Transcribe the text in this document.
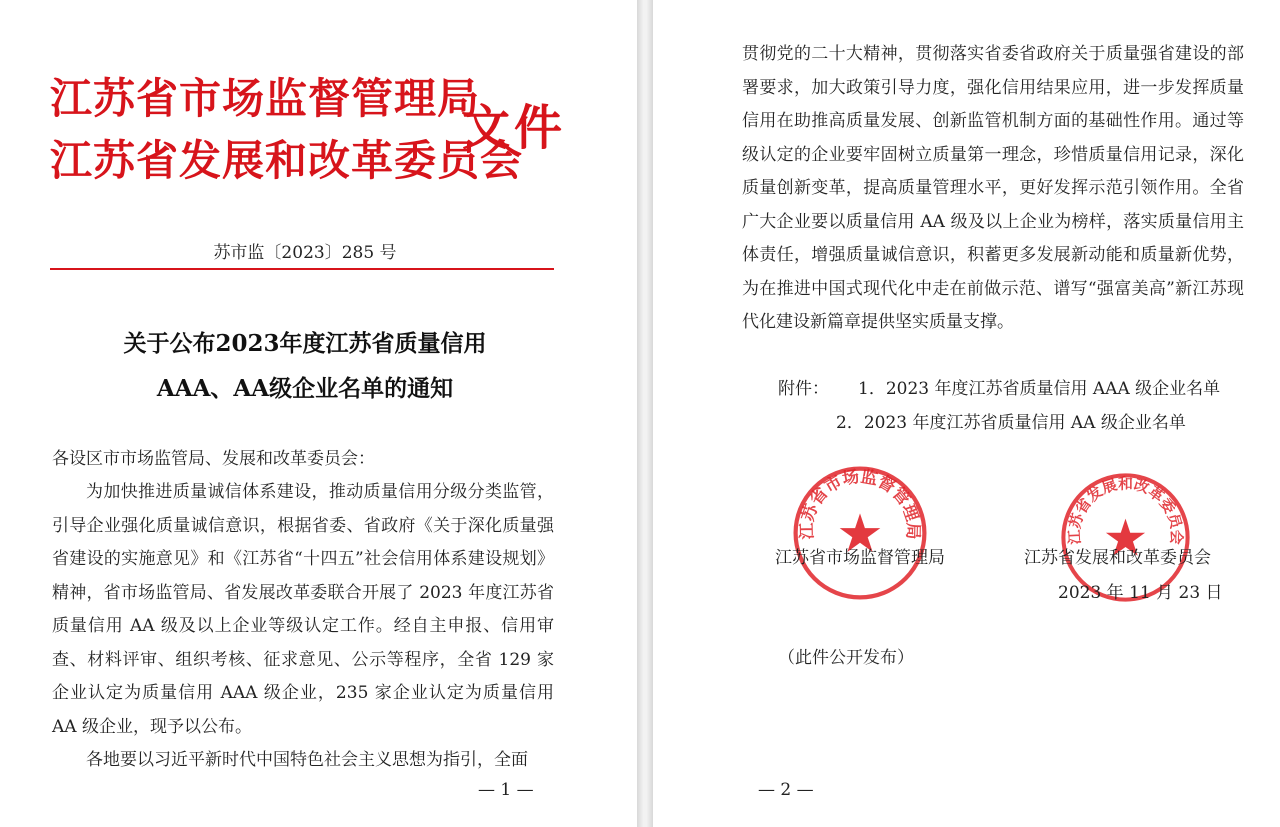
江苏省市场监督管理局
江苏省发展和改革委员会
文件
苏市监〔2023〕285 号
关于公布2023年度江苏省质量信用
AAA、AA级企业名单的通知
各设区市市场监管局、发展和改革委员会：

为加快推进质量诚信体系建设，推动质量信用分级分类监管，引导企业强化质量诚信意识，根据省委、省政府《关于深化质量强省建设的实施意见》和《江苏省“十四五”社会信用体系建设规划》精神，省市场监管局、省发展改革委联合开展了 2023 年度江苏省质量信用 AA 级及以上企业等级认定工作。经自主申报、信用审查、材料评审、组织考核、征求意见、公示等程序，全省 129 家企业认定为质量信用 AAA 级企业，235 家企业认定为质量信用 AA 级企业，现予以公布。

各地要以习近平新时代中国特色社会主义思想为指引，全面

— 1 —

贯彻党的二十大精神，贯彻落实省委省政府关于质量强省建设的部署要求，加大政策引导力度，强化信用结果应用，进一步发挥质量信用在助推高质量发展、创新监管机制方面的基础性作用。通过等级认定的企业要牢固树立质量第一理念，珍惜质量信用记录，深化质量创新变革，提高质量管理水平，更好发挥示范引领作用。全省广大企业要以质量信用 AA 级及以上企业为榜样，落实质量信用主体责任，增强质量诚信意识，积蓄更多发展新动能和质量新优势，为在推进中国式现代化中走在前做示范、谱写“强富美高”新江苏现代化建设新篇章提供坚实质量支撑。

附件： 1．2023 年度江苏省质量信用 AAA 级企业名单
2．2023 年度江苏省质量信用 AA 级企业名单
江苏省市场监督管理局	江苏省发展和改革委员会
江苏省市场监督管理局	江苏省发展和改革委员会
2023 年 11 月 23 日
（此件公开发布）
— 2 —
